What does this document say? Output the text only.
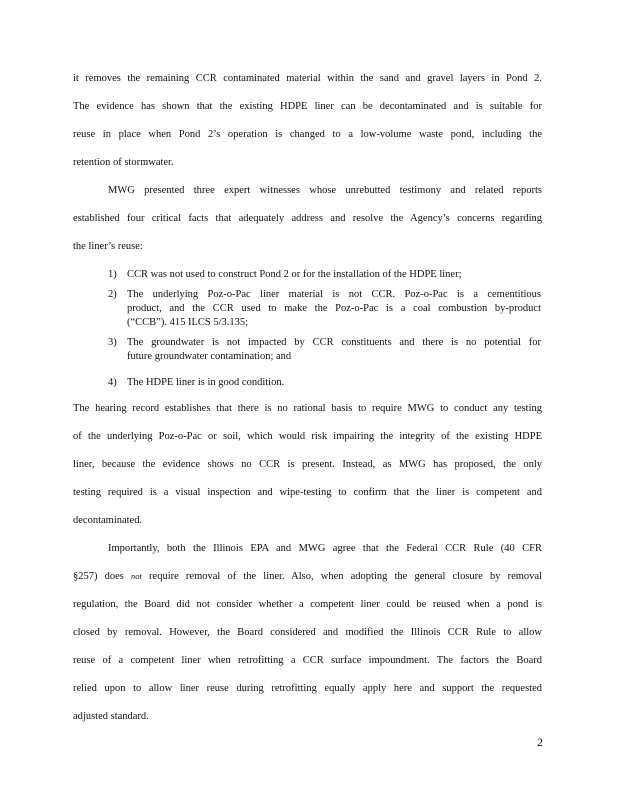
it removes the remaining CCR contaminated material within the sand and gravel layers in Pond 2.
The evidence has shown that the existing HDPE liner can be decontaminated and is suitable for
reuse in place when Pond 2’s operation is changed to a low-volume waste pond, including the
retention of stormwater.
MWG presented three expert witnesses whose unrebutted testimony and related reports
established four critical facts that adequately address and resolve the Agency’s concerns regarding
the liner’s reuse:
1) CCR was not used to construct Pond 2 or for the installation of the HDPE liner;
2) The underlying Poz-o-Pac liner material is not CCR. Poz-o-Pac is a cementitious
product, and the CCR used to make the Poz-o-Pac is a coal combustion by-product
(“CCB”). 415 ILCS 5/3.135;
3) The groundwater is not impacted by CCR constituents and there is no potential for
future groundwater contamination; and
4) The HDPE liner is in good condition.
The hearing record establishes that there is no rational basis to require MWG to conduct any testing
of the underlying Poz-o-Pac or soil, which would risk impairing the integrity of the existing HDPE
liner, because the evidence shows no CCR is present. Instead, as MWG has proposed, the only
testing required is a visual inspection and wipe-testing to confirm that the liner is competent and
decontaminated.
Importantly, both the Illinois EPA and MWG agree that the Federal CCR Rule (40 CFR
§257) does not require removal of the liner. Also, when adopting the general closure by removal
regulation, the Board did not consider whether a competent liner could be reused when a pond is
closed by removal. However, the Board considered and modified the Illinois CCR Rule to allow
reuse of a competent liner when retrofitting a CCR surface impoundment. The factors the Board
relied upon to allow liner reuse during retrofitting equally apply here and support the requested
adjusted standard.
2
